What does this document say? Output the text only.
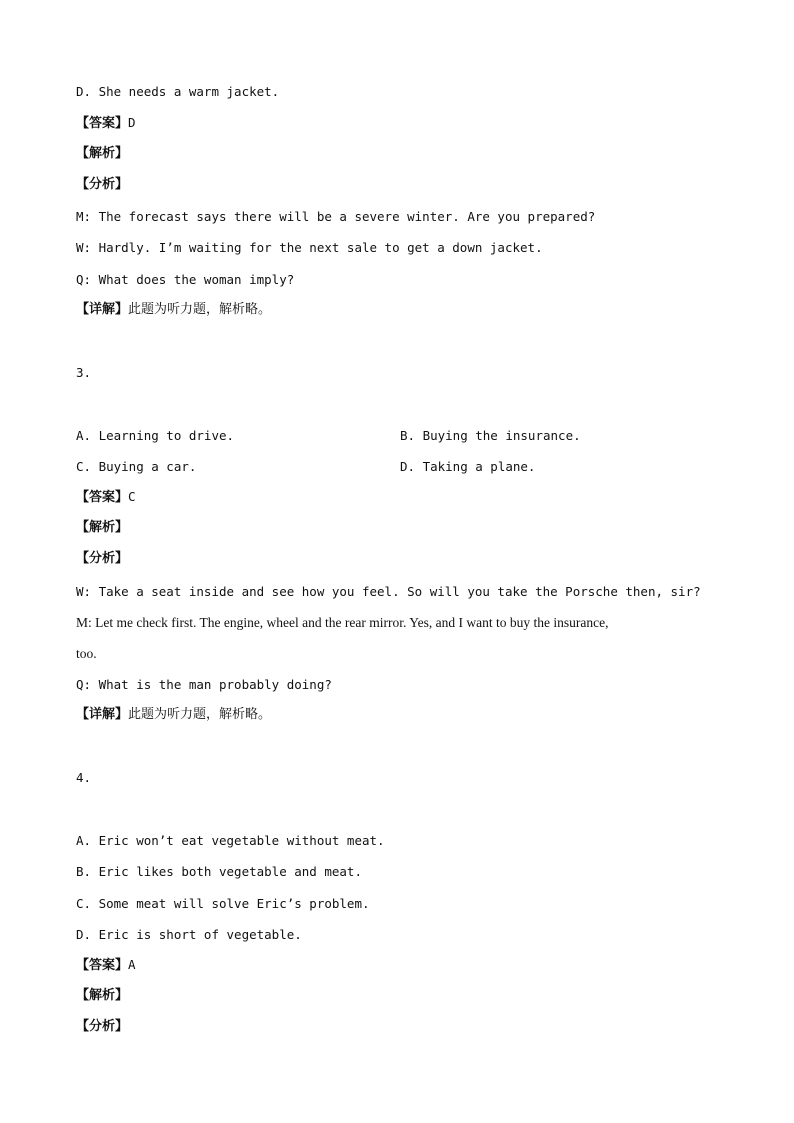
D. She needs a warm jacket.
【答案】D
【解析】
【分析】
M: The forecast says there will be a severe winter. Are you prepared?
W: Hardly. I’m waiting for the next sale to get a down jacket.
Q: What does the woman imply?
【详解】此题为听力题，解析略。
3.
A. Learning to drive.	B. Buying the insurance.
C. Buying a car.	D. Taking a plane.
【答案】C
【解析】
【分析】
W: Take a seat inside and see how you feel. So will you take the Porsche then, sir?
M: Let me check first. The engine, wheel and the rear mirror. Yes, and I want to buy the insurance,
too.
Q: What is the man probably doing?
【详解】此题为听力题，解析略。
4.
A. Eric won’t eat vegetable without meat.
B. Eric likes both vegetable and meat.
C. Some meat will solve Eric’s problem.
D. Eric is short of vegetable.
【答案】A
【解析】
【分析】
